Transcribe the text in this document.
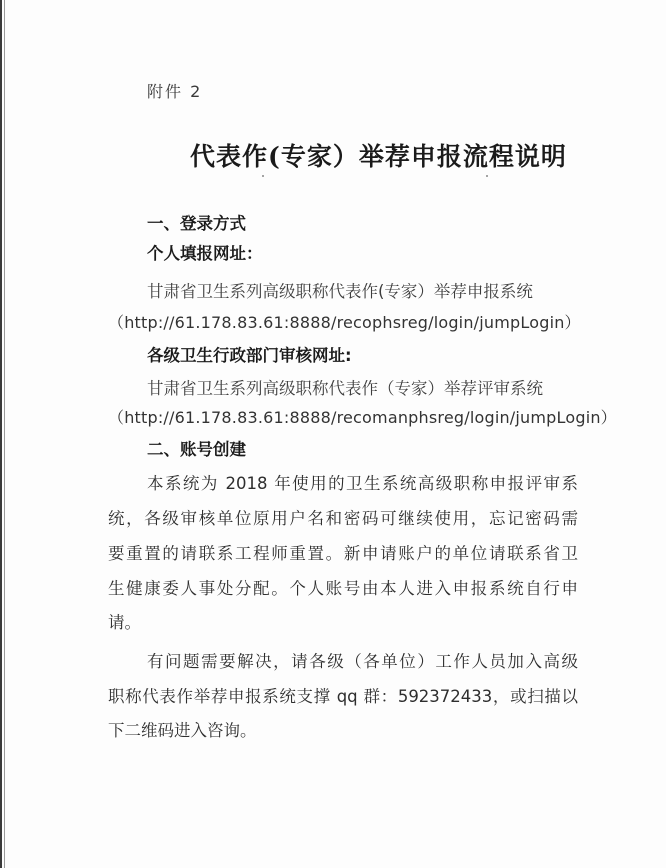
附件 2
代表作(专家）举荐申报流程说明
一、登录方式
个人填报网址：
甘肃省卫生系列高级职称代表作(专家）举荐申报系统
（http://61.178.83.61:8888/recophsreg/login/jumpLogin）
各级卫生行政部门审核网址:
甘肃省卫生系列高级职称代表作（专家）举荐评审系统
（http://61.178.83.61:8888/recomanphsreg/login/jumpLogin）
二、账号创建
本系统为 2018 年使用的卫生系统高级职称申报评审系
统，各级审核单位原用户名和密码可继续使用，忘记密码需
要重置的请联系工程师重置。新申请账户的单位请联系省卫
生健康委人事处分配。个人账号由本人进入申报系统自行申
请。
有问题需要解决，请各级（各单位）工作人员加入高级
职称代表作举荐申报系统支撑 qq 群：592372433，或扫描以
下二维码进入咨询。
